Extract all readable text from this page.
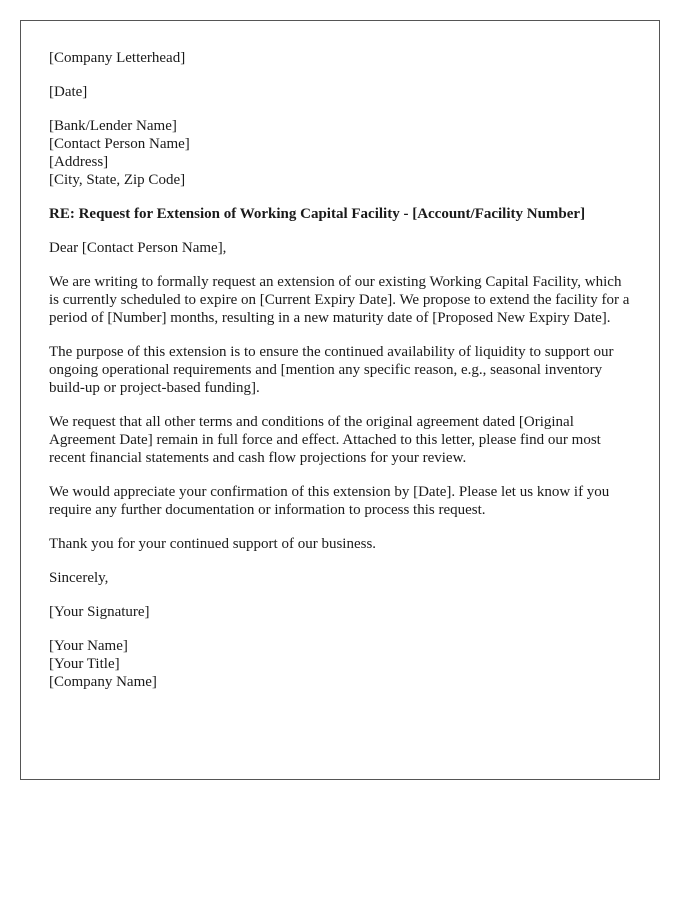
[Company Letterhead]
[Date]
[Bank/Lender Name]
[Contact Person Name]
[Address]
[City, State, Zip Code]
RE: Request for Extension of Working Capital Facility - [Account/Facility Number]
Dear [Contact Person Name],

We are writing to formally request an extension of our existing Working Capital Facility, which is currently scheduled to expire on [Current Expiry Date]. We propose to extend the facility for a period of [Number] months, resulting in a new maturity date of [Proposed New Expiry Date].

The purpose of this extension is to ensure the continued availability of liquidity to support our ongoing operational requirements and [mention any specific reason, e.g., seasonal inventory build-up or project-based funding].

We request that all other terms and conditions of the original agreement dated [Original Agreement Date] remain in full force and effect. Attached to this letter, please find our most recent financial statements and cash flow projections for your review.

We would appreciate your confirmation of this extension by [Date]. Please let us know if you require any further documentation or information to process this request.

Thank you for your continued support of our business.

Sincerely,
[Your Signature]
[Your Name]
[Your Title]
[Company Name]
